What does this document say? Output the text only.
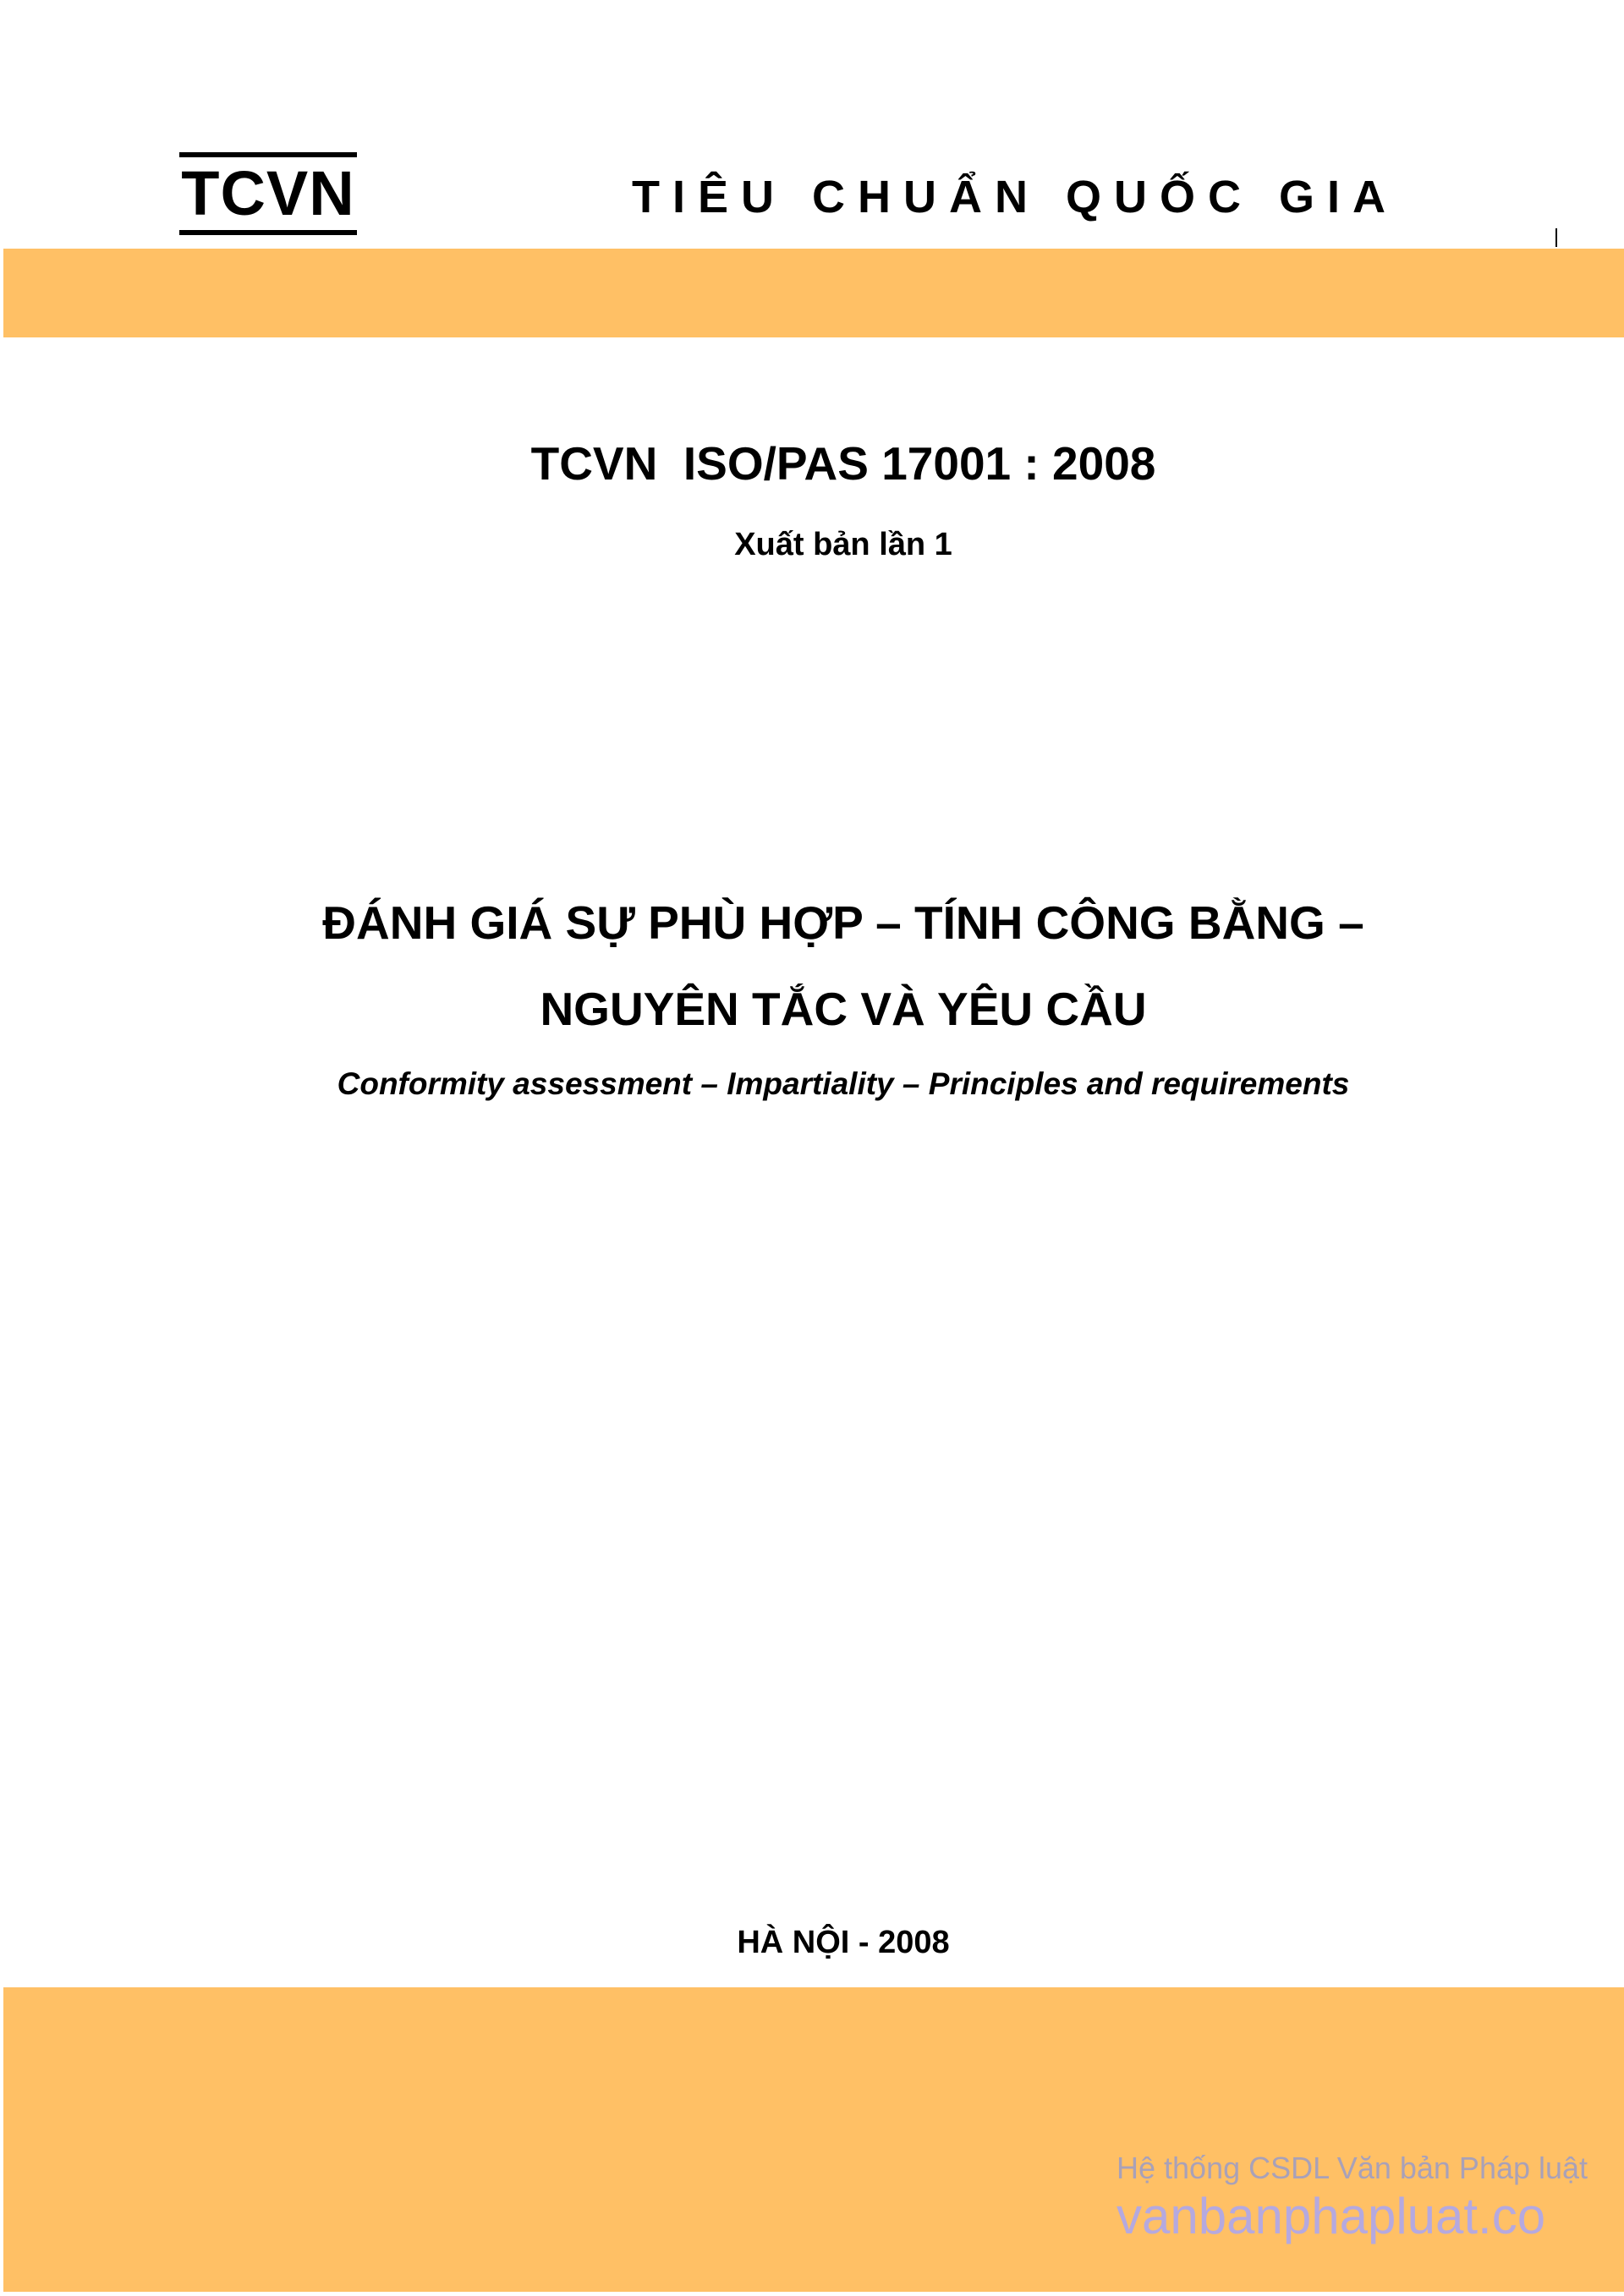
TCVN	TIÊU CHUẨN QUỐC GIA
TCVN  ISO/PAS 17001 : 2008
Xuất bản lần 1
ĐÁNH GIÁ SỰ PHÙ HỢP – TÍNH CÔNG BẰNG –
NGUYÊN TẮC VÀ YÊU CẦU
Conformity assessment – Impartiality – Principles and requirements
HÀ NỘI - 2008
Hệ thống CSDL Văn bản Pháp luật
vanbanphapluat.co
